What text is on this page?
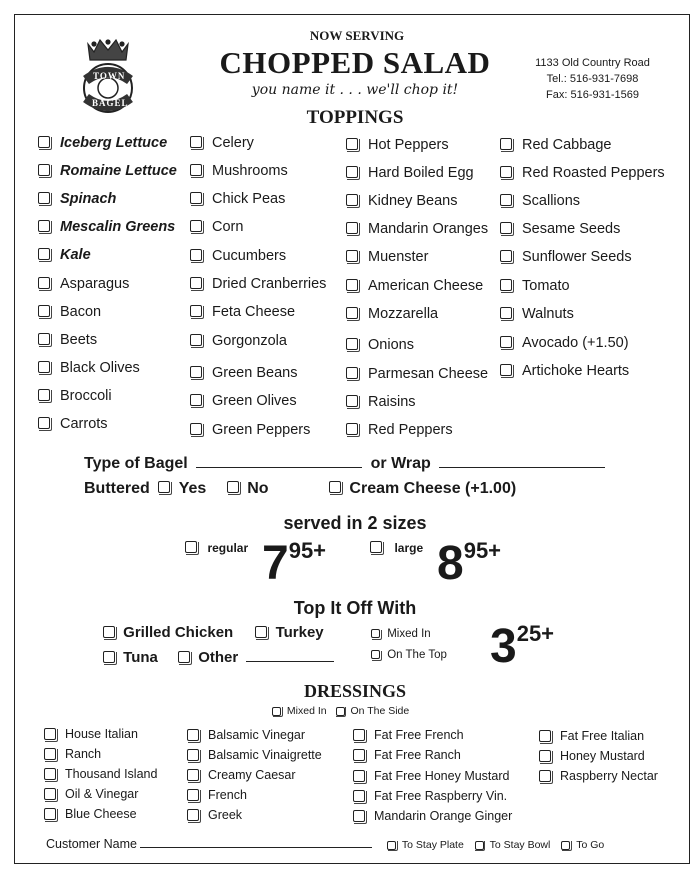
TOWN
BAGEL
NOW SERVING
CHOPPED SALAD
you name it . . . we'll chop it!
TOPPINGS
1133 Old Country Road
Tel.: 516-931-7698
Fax: 516-931-1569
Iceberg Lettuce
Romaine Lettuce
Spinach
Mescalin Greens
Kale
Asparagus
Bacon
Beets
Black Olives
Broccoli
Carrots
Celery
Mushrooms
Chick Peas
Corn
Cucumbers
Dried Cranberries
Feta Cheese
Gorgonzola
Green Beans
Green Olives
Green Peppers
Hot Peppers
Hard Boiled Egg
Kidney Beans
Mandarin Oranges
Muenster
American Cheese
Mozzarella
Onions
Parmesan Cheese
Raisins
Red Peppers
Red Cabbage
Red Roasted Peppers
Scallions
Sesame Seeds
Sunflower Seeds
Tomato
Walnuts
Avocado (+1.50)
Artichoke Hearts
Type of Bagel	or Wrap
Buttered Yes	No	Cream Cheese (+1.00)
served in 2 sizes
$^{regular}$ 795+	$^{large}$ 895+
Top It Off With
Grilled Chicken	Turkey
Tuna	Other
Mixed In
On The Top 325+
DRESSINGS
Mixed In On The Side
House Italian
Ranch
Thousand Island
Oil & Vinegar
Blue Cheese
Balsamic Vinegar
Balsamic Vinaigrette
Creamy Caesar
French
Greek
Fat Free French
Fat Free Ranch
Fat Free Honey Mustard
Fat Free Raspberry Vin.
Mandarin Orange Ginger
Fat Free Italian
Honey Mustard
Raspberry Nectar
Customer Name	To Stay Plate To Stay Bowl To Go
